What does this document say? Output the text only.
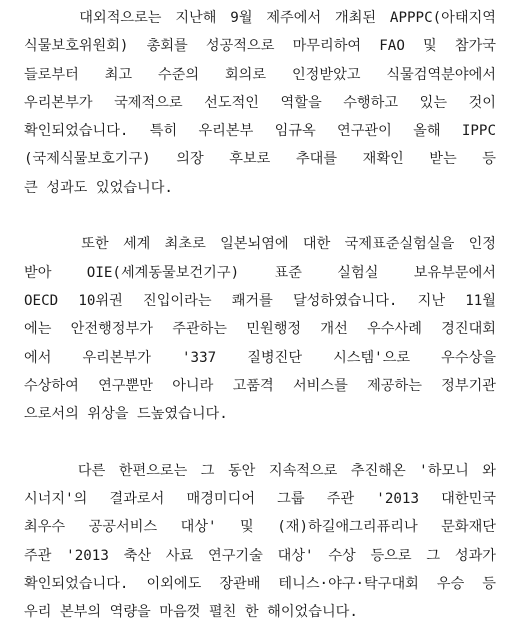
대외적으로는 지난해 9월 제주에서 개최된 APPPC(아태지역
식물보호위원회) 총회를 성공적으로 마무리하여 FAO 및 참가국
들로부터 최고 수준의 회의로 인정받았고 식물검역분야에서
우리본부가 국제적으로 선도적인 역할을 수행하고 있는 것이
확인되었습니다. 특히 우리본부 임규옥 연구관이 올해 IPPC
(국제식물보호기구) 의장 후보로 추대를 재확인 받는 등
큰 성과도 있었습니다.
또한 세계 최초로 일본뇌염에 대한 국제표준실험실을 인정
받아 OIE(세계동물보건기구) 표준 실험실 보유부문에서
OECD 10위권 진입이라는 쾌거를 달성하였습니다. 지난 11월
에는 안전행정부가 주관하는 민원행정 개선 우수사례 경진대회
에서 우리본부가 '337 질병진단 시스템'으로 우수상을
수상하여 연구뿐만 아니라 고품격 서비스를 제공하는 정부기관
으로서의 위상을 드높였습니다.
다른 한편으로는 그 동안 지속적으로 추진해온 '하모니 와
시너지'의 결과로서 매경미디어 그룹 주관 '2013 대한민국
최우수 공공서비스 대상' 및 (재)하길애그리퓨리나 문화재단
주관 '2013 축산 사료 연구기술 대상' 수상 등으로 그 성과가
확인되었습니다. 이외에도 장관배 테니스·야구·탁구대회 우승 등
우리 본부의 역량을 마음껏 펼친 한 해이었습니다.
